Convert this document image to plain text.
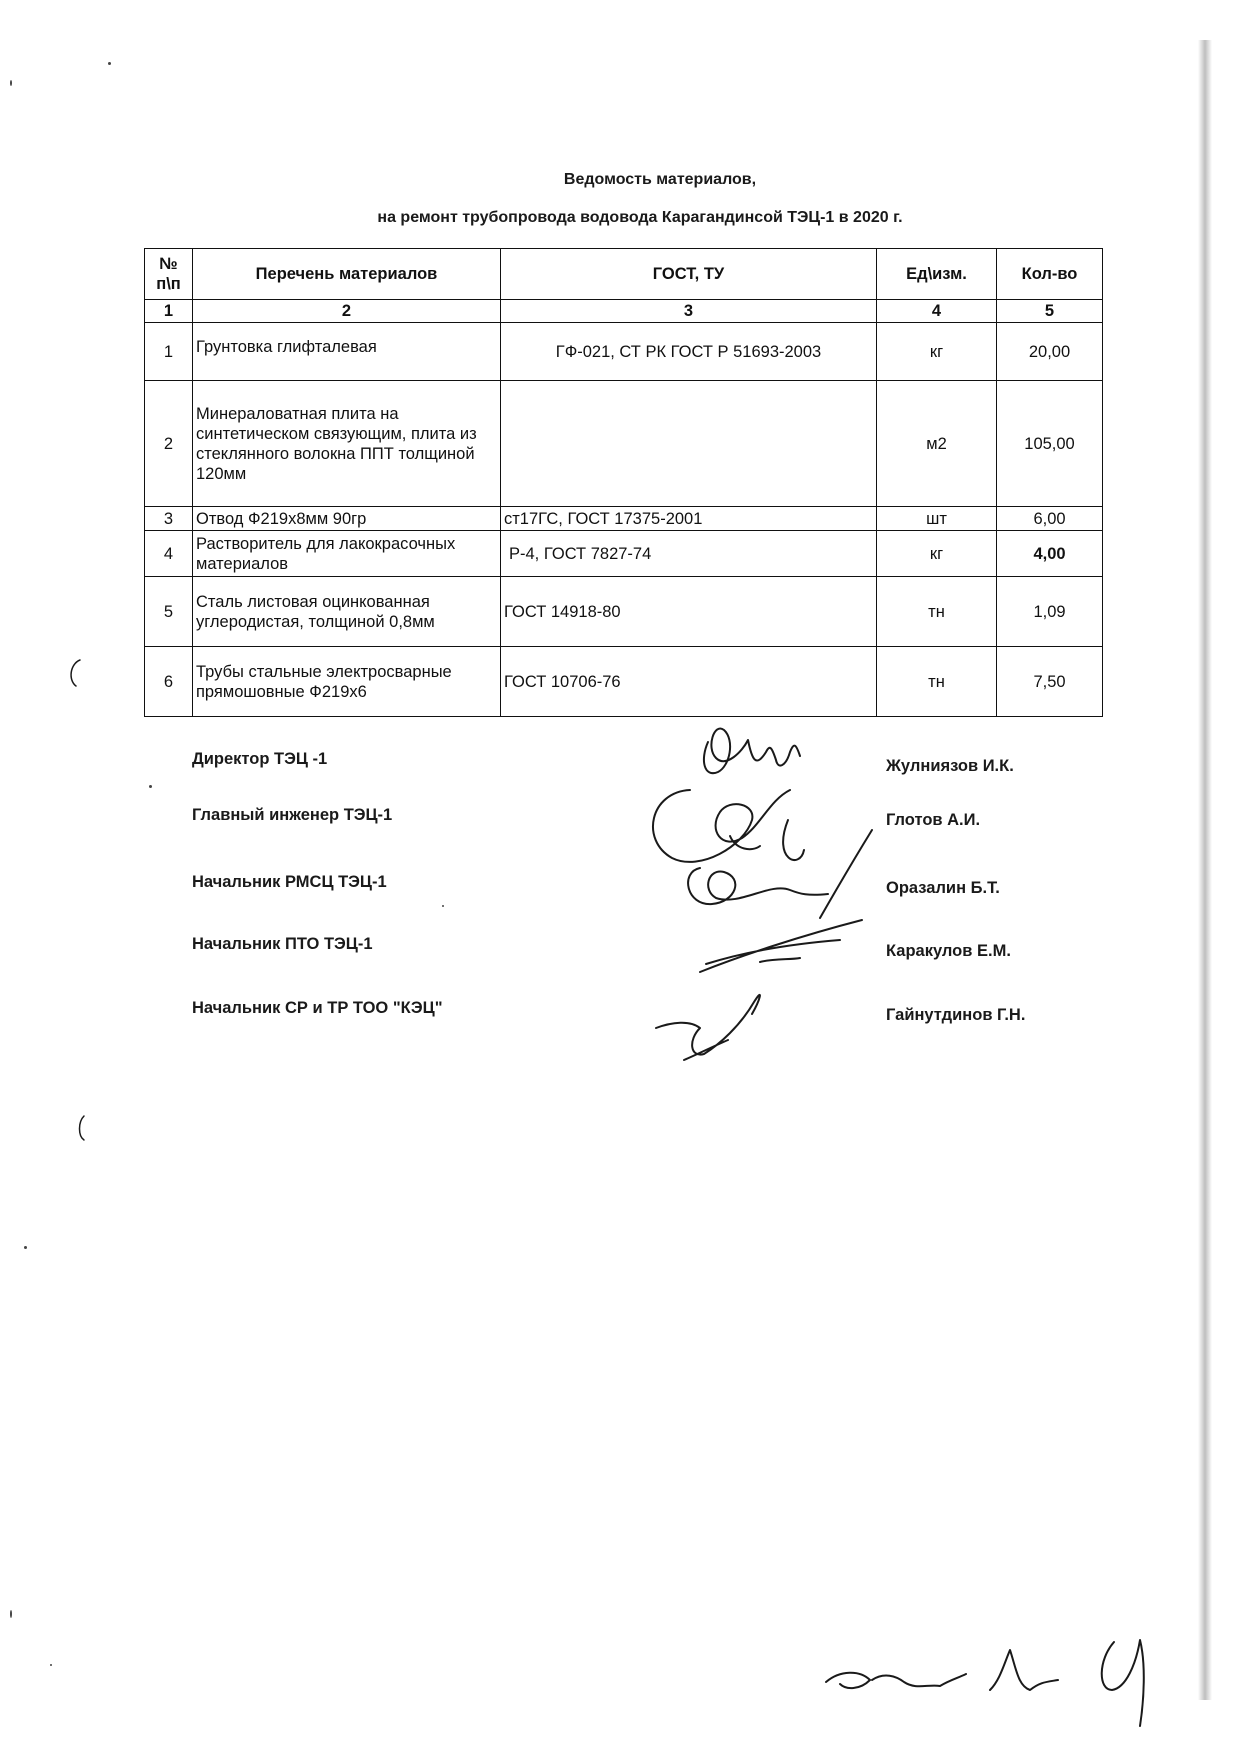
Ведомость материалов,
на ремонт трубопровода водовода Карагандинсой ТЭЦ-1 в 2020 г.
№ п\п	Перечень материалов	ГОСТ, ТУ	Ед\изм.	Кол-во
1	2	3	4	5
1	Грунтовка глифталевая	ГФ-021, СТ РК ГОСТ Р 51693-2003	кг	20,00
2	Минераловатная плита на синтетическом связующим, плита из стеклянного волокна ППТ толщиной 120мм		м2	105,00
3	Отвод Ф219х8мм 90гр	ст17ГС, ГОСТ 17375-2001	шт	6,00
4	Растворитель для лакокрасочных материалов	Р-4, ГОСТ 7827-74	кг	4,00
5	Сталь листовая оцинкованная углеродистая, толщиной 0,8мм	ГОСТ 14918-80	тн	1,09
6	Трубы стальные электросварные прямошовные Ф219х6	ГОСТ 10706-76	тн	7,50
Директор ТЭЦ -1	Жулниязов И.К.
Главный инженер ТЭЦ-1	Глотов А.И.
Начальник РМСЦ ТЭЦ-1	Оразалин Б.Т.
Начальник ПТО ТЭЦ-1	Каракулов Е.М.
Начальник СР и ТР ТОО "КЭЦ"	Гайнутдинов Г.Н.
